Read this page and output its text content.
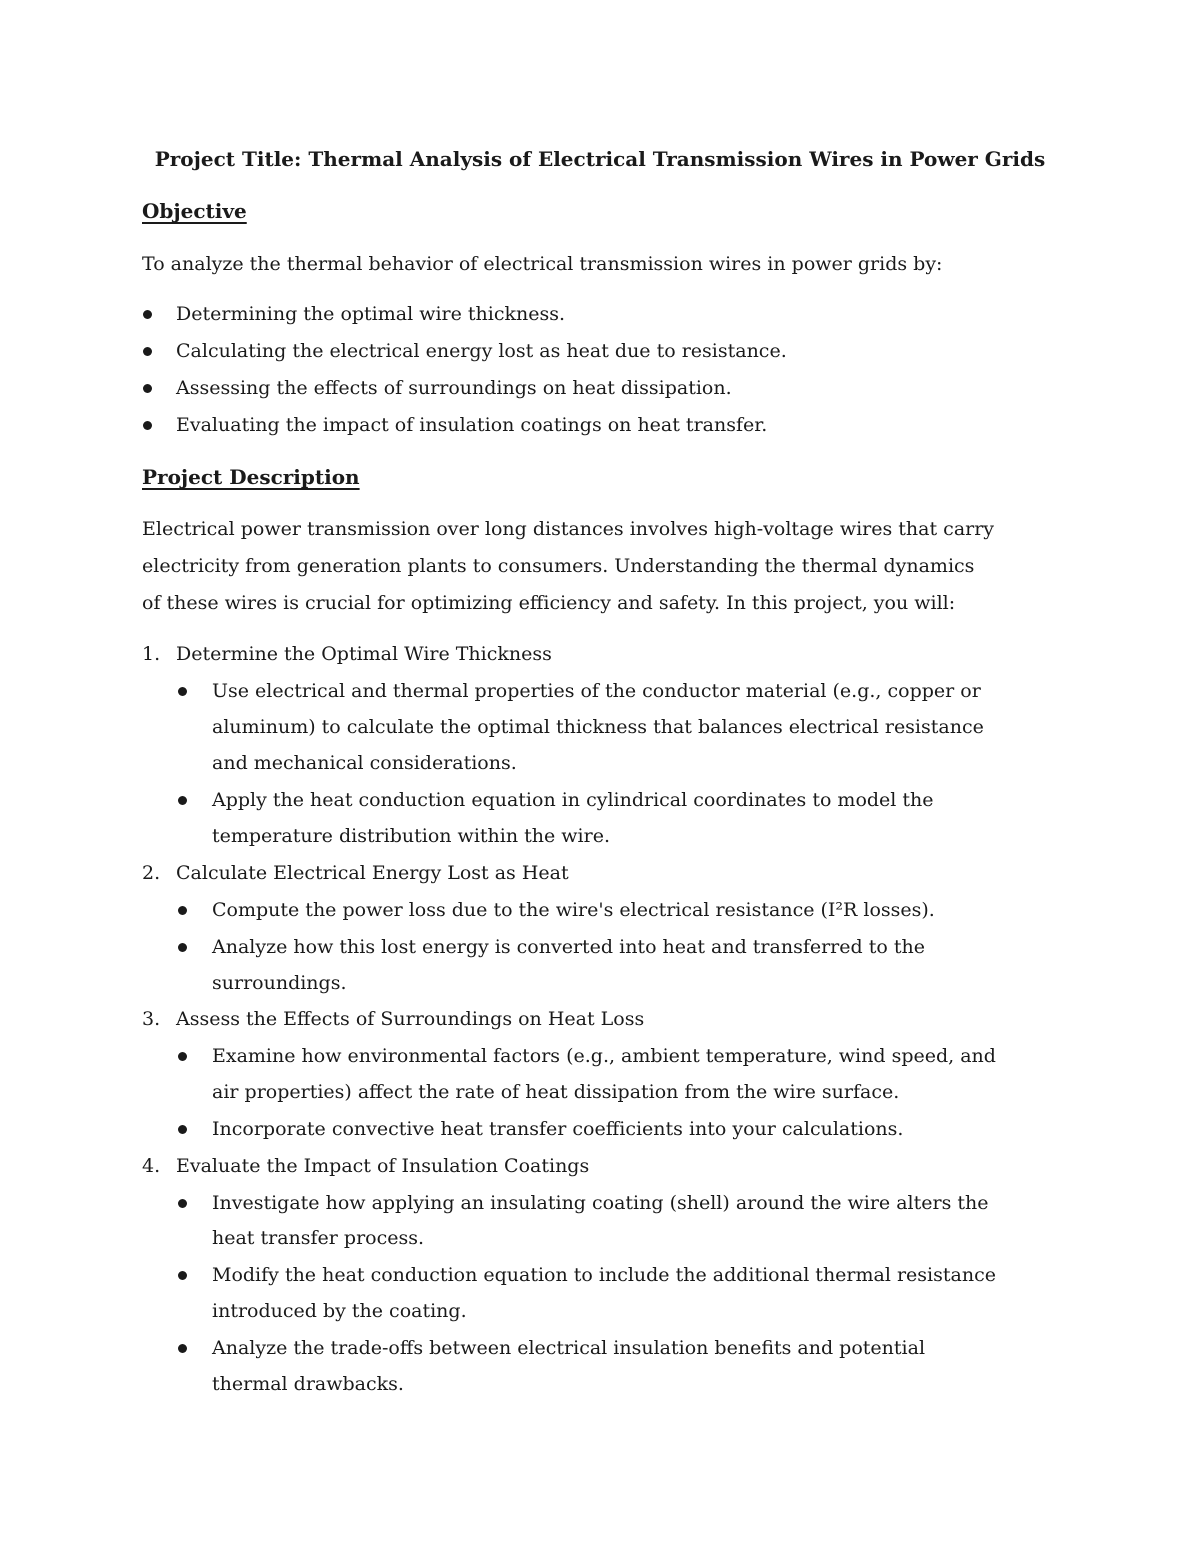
Project Title: Thermal Analysis of Electrical Transmission Wires in Power Grids
Objective
To analyze the thermal behavior of electrical transmission wires in power grids by:
Determining the optimal wire thickness.
Calculating the electrical energy lost as heat due to resistance.
Assessing the effects of surroundings on heat dissipation.
Evaluating the impact of insulation coatings on heat transfer.
Project Description
Electrical power transmission over long distances involves high-voltage wires that carry
electricity from generation plants to consumers. Understanding the thermal dynamics
of these wires is crucial for optimizing efficiency and safety. In this project, you will:
1. Determine the Optimal Wire Thickness
Use electrical and thermal properties of the conductor material (e.g., copper or
aluminum) to calculate the optimal thickness that balances electrical resistance
and mechanical considerations.
Apply the heat conduction equation in cylindrical coordinates to model the
temperature distribution within the wire.
2. Calculate Electrical Energy Lost as Heat
Compute the power loss due to the wire's electrical resistance (I²R losses).
Analyze how this lost energy is converted into heat and transferred to the
surroundings.
3. Assess the Effects of Surroundings on Heat Loss
Examine how environmental factors (e.g., ambient temperature, wind speed, and
air properties) affect the rate of heat dissipation from the wire surface.
Incorporate convective heat transfer coefficients into your calculations.
4. Evaluate the Impact of Insulation Coatings
Investigate how applying an insulating coating (shell) around the wire alters the
heat transfer process.
Modify the heat conduction equation to include the additional thermal resistance
introduced by the coating.
Analyze the trade-offs between electrical insulation benefits and potential
thermal drawbacks.
